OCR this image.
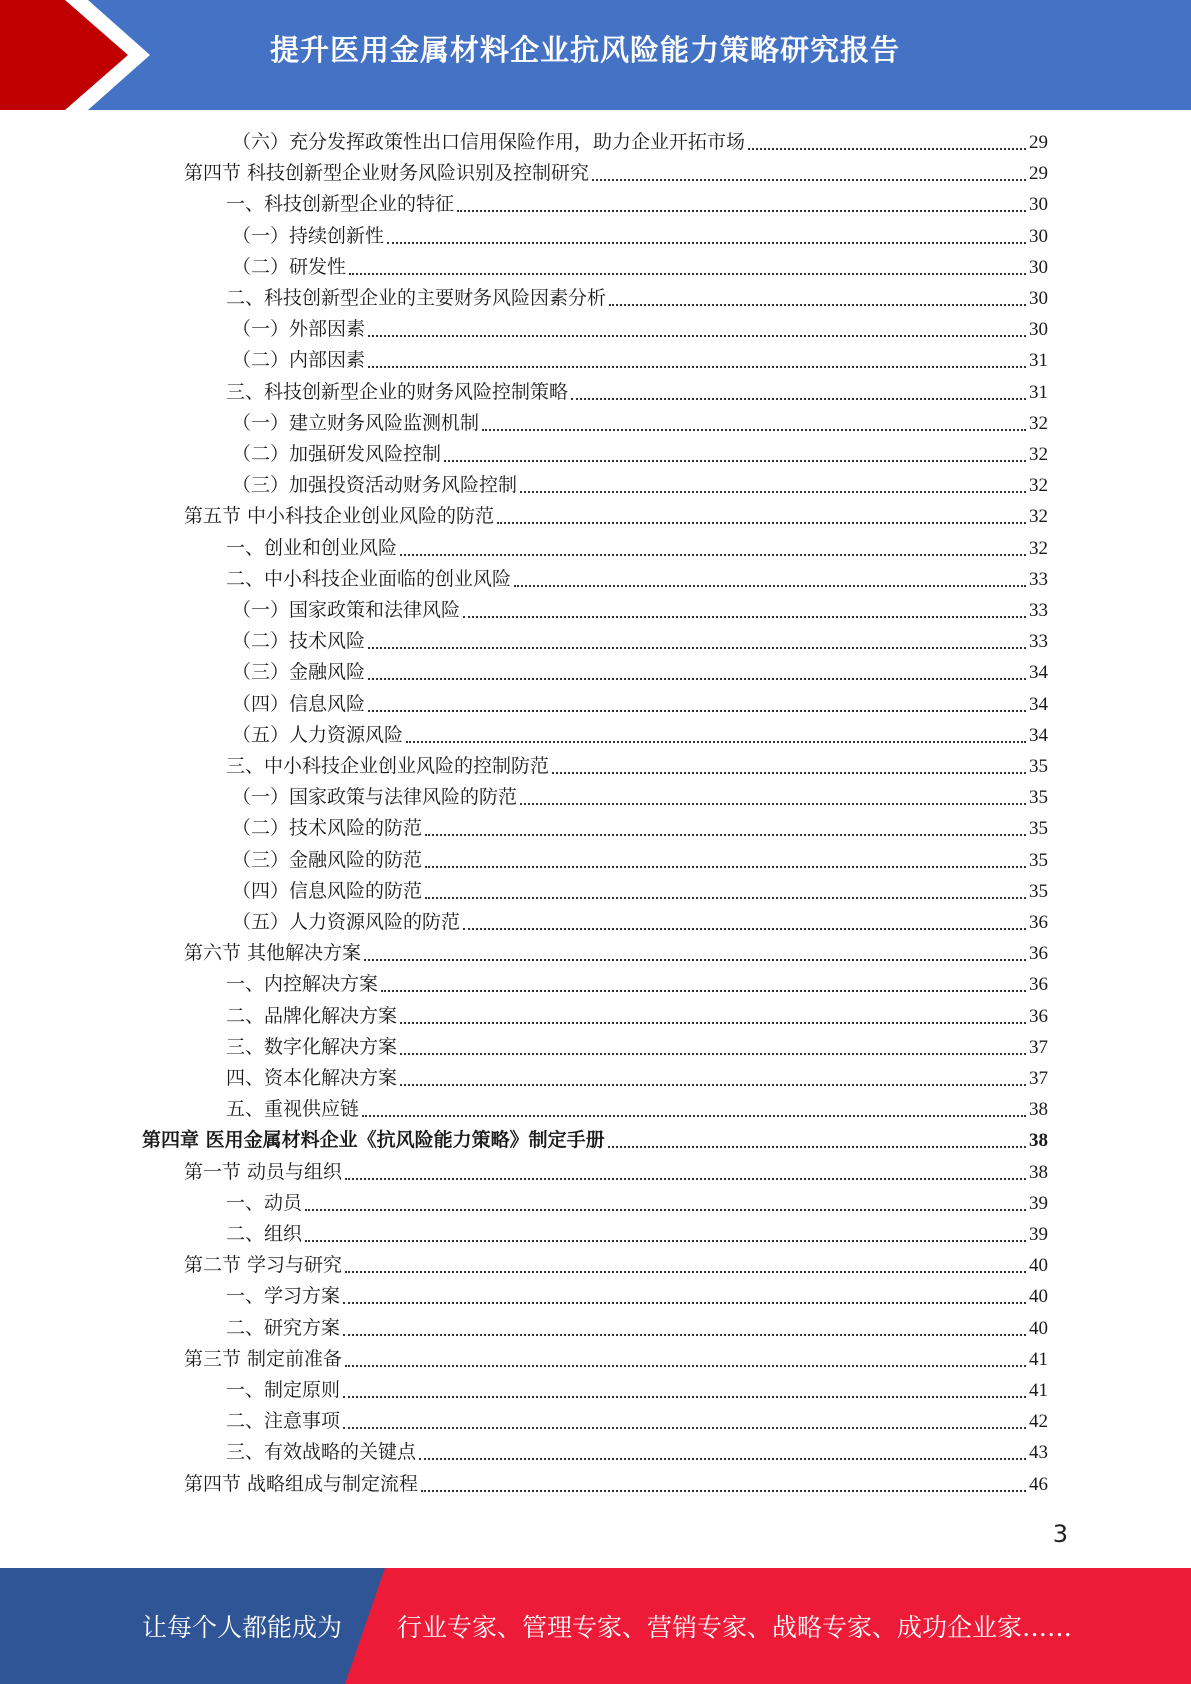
提升医用金属材料企业抗风险能力策略研究报告
（六）充分发挥政策性出口信用保险作用，助力企业开拓市场	29
第四节 科技创新型企业财务风险识别及控制研究	29
一、科技创新型企业的特征	30
（一）持续创新性	30
（二）研发性	30
二、科技创新型企业的主要财务风险因素分析	30
（一）外部因素	30
（二）内部因素	31
三、科技创新型企业的财务风险控制策略	31
（一）建立财务风险监测机制	32
（二）加强研发风险控制	32
（三）加强投资活动财务风险控制	32
第五节 中小科技企业创业风险的防范	32
一、创业和创业风险	32
二、中小科技企业面临的创业风险	33
（一）国家政策和法律风险	33
（二）技术风险	33
（三）金融风险	34
（四）信息风险	34
（五）人力资源风险	34
三、中小科技企业创业风险的控制防范	35
（一）国家政策与法律风险的防范	35
（二）技术风险的防范	35
（三）金融风险的防范	35
（四）信息风险的防范	35
（五）人力资源风险的防范	36
第六节 其他解决方案	36
一、内控解决方案	36
二、品牌化解决方案	36
三、数字化解决方案	37
四、资本化解决方案	37
五、重视供应链	38
第四章 医用金属材料企业《抗风险能力策略》制定手册	38
第一节 动员与组织	38
一、动员	39
二、组织	39
第二节 学习与研究	40
一、学习方案	40
二、研究方案	40
第三节 制定前准备	41
一、制定原则	41
二、注意事项	42
三、有效战略的关键点	43
第四节 战略组成与制定流程	46
3
让每个人都能成为 行业专家、管理专家、营销专家、战略专家、成功企业家……
